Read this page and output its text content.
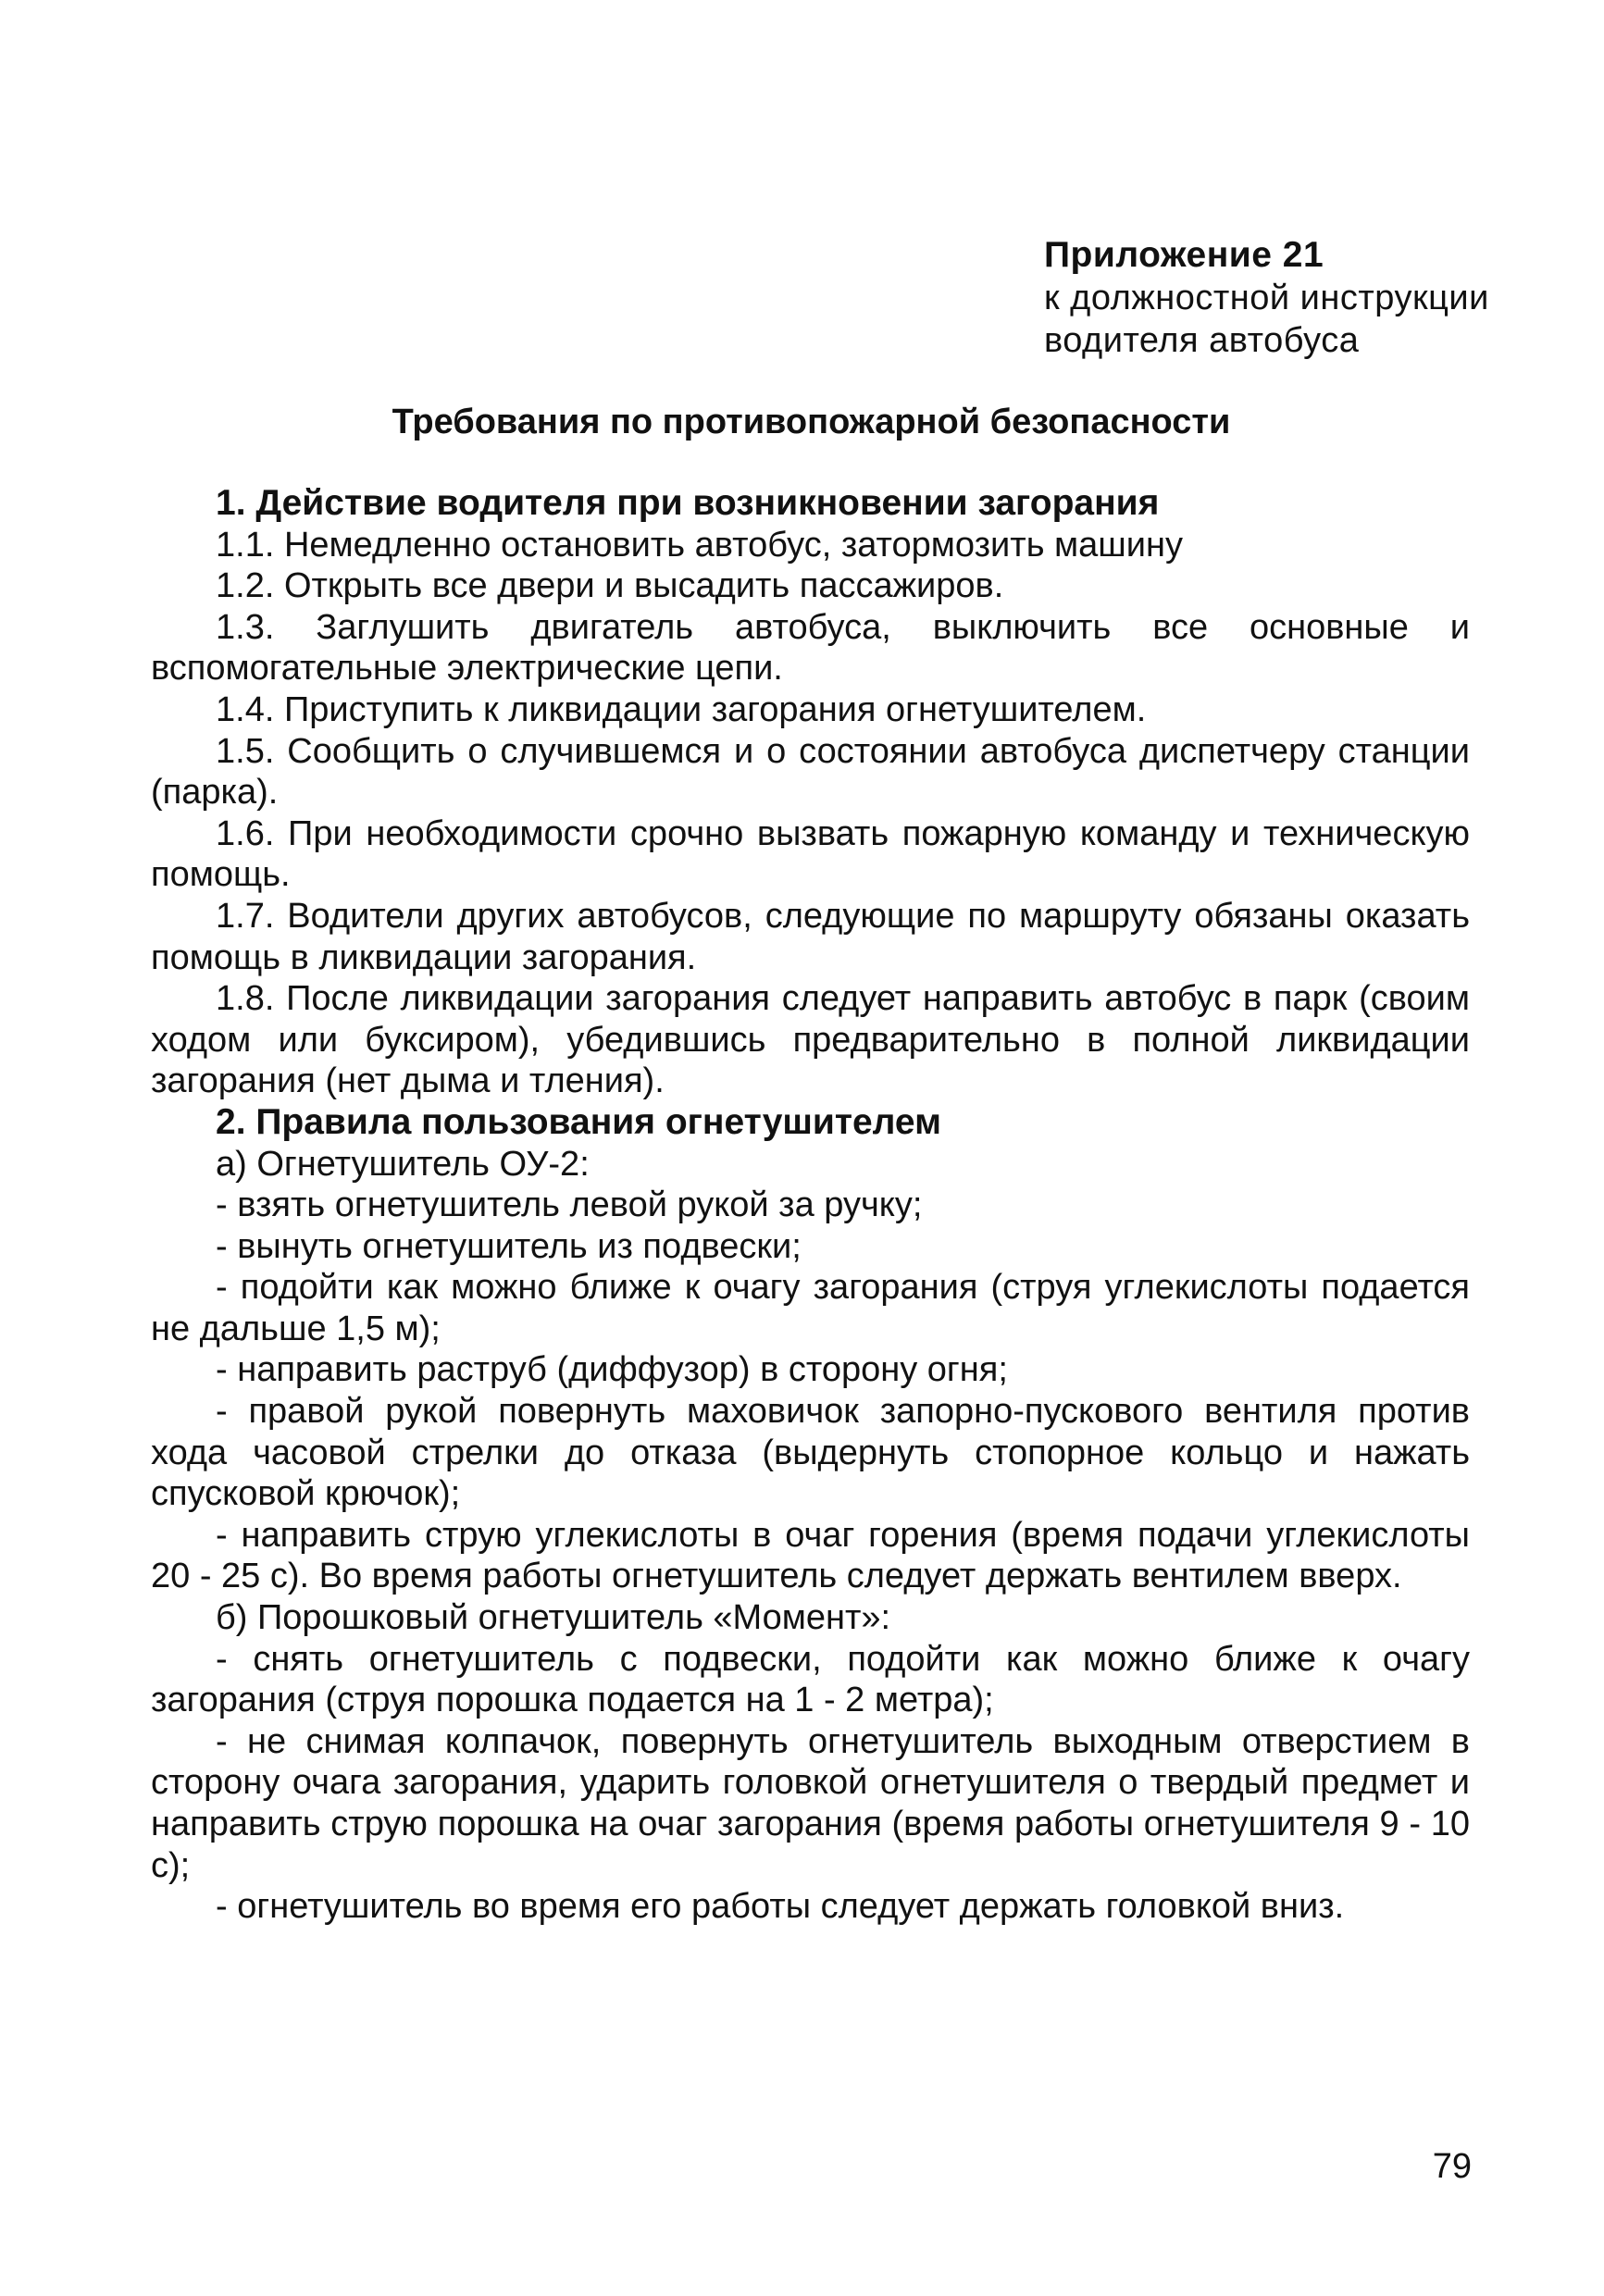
Приложение 21
к должностной инструкции
водителя автобуса
Требования по противопожарной безопасности

1. Действие водителя при возникновении загорания

1.1. Немедленно остановить автобус, затормозить машину

1.2. Открыть все двери и высадить пассажиров.

1.3. Заглушить двигатель автобуса, выключить все основные и вспомогательные электрические цепи.

1.4. Приступить к ликвидации загорания огнетушителем.

1.5. Сообщить о случившемся и о состоянии автобуса диспетчеру станции (парка).

1.6. При необходимости срочно вызвать пожарную команду и техническую помощь.

1.7. Водители других автобусов, следующие по маршруту обязаны оказать помощь в ликвидации загорания.

1.8. После ликвидации загорания следует направить автобус в парк (своим ходом или буксиром), убедившись предварительно в полной ликвидации загорания (нет дыма и тления).

2. Правила пользования огнетушителем

а) Огнетушитель ОУ-2:

- взять огнетушитель левой рукой за ручку;

- вынуть огнетушитель из подвески;

- подойти как можно ближе к очагу загорания (струя углекислоты подается не дальше 1,5 м);

- направить раструб (диффузор) в сторону огня;

- правой рукой повернуть маховичок запорно-пускового вентиля против хода часовой стрелки до отказа (выдернуть стопорное кольцо и нажать спусковой крючок);

- направить струю углекислоты в очаг горения (время подачи углекислоты 20 - 25 с). Во время работы огнетушитель следует держать вентилем вверх.

б) Порошковый огнетушитель «Момент»:

- снять огнетушитель с подвески, подойти как можно ближе к очагу загорания (струя порошка подается на 1 - 2 метра);

- не снимая колпачок, повернуть огнетушитель выходным отверстием в сторону очага загорания, ударить головкой огнетушителя о твердый предмет и направить струю порошка на очаг загорания (время работы огнетушителя 9 - 10 с);

- огнетушитель во время его работы следует держать головкой вниз.

79
